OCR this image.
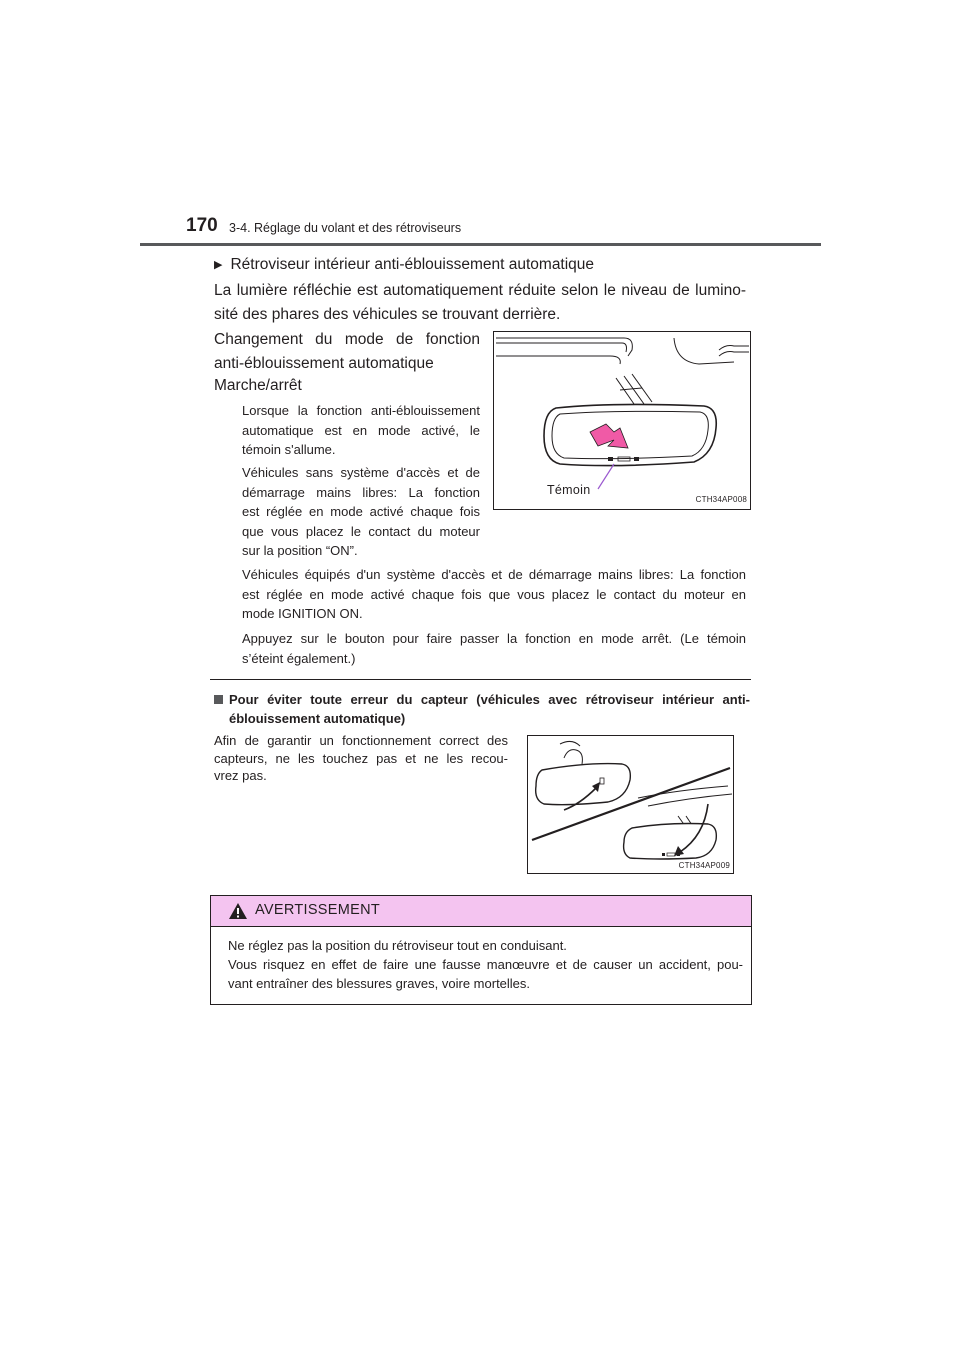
170 3-4. Réglage du volant et des rétroviseurs
▶ Rétroviseur intérieur anti-éblouissement automatique
La lumière réfléchie est automatiquement réduite selon le niveau de lumino-
sité des phares des véhicules se trouvant derrière.
Changement du mode de fonction
anti-éblouissement automatique
Marche/arrêt
Lorsque la fonction anti-éblouissement
automatique est en mode activé, le
témoin s'allume.
Véhicules sans système d'accès et de
démarrage mains libres: La fonction
est réglée en mode activé chaque fois
que vous placez le contact du moteur
sur la position “ON”.
Témoin
CTH34AP008
Véhicules équipés d'un système d'accès et de démarrage mains libres: La fonction
est réglée en mode activé chaque fois que vous placez le contact du moteur en
mode IGNITION ON.
Appuyez sur le bouton pour faire passer la fonction en mode arrêt. (Le témoin
s’éteint également.)
Pour éviter toute erreur du capteur (véhicules avec rétroviseur intérieur anti-
éblouissement automatique)
Afin de garantir un fonctionnement correct des
capteurs, ne les touchez pas et ne les recou-
vrez pas.
CTH34AP009
AVERTISSEMENT
Ne réglez pas la position du rétroviseur tout en conduisant.
Vous risquez en effet de faire une fausse manœuvre et de causer un accident, pou-
vant entraîner des blessures graves, voire mortelles.
